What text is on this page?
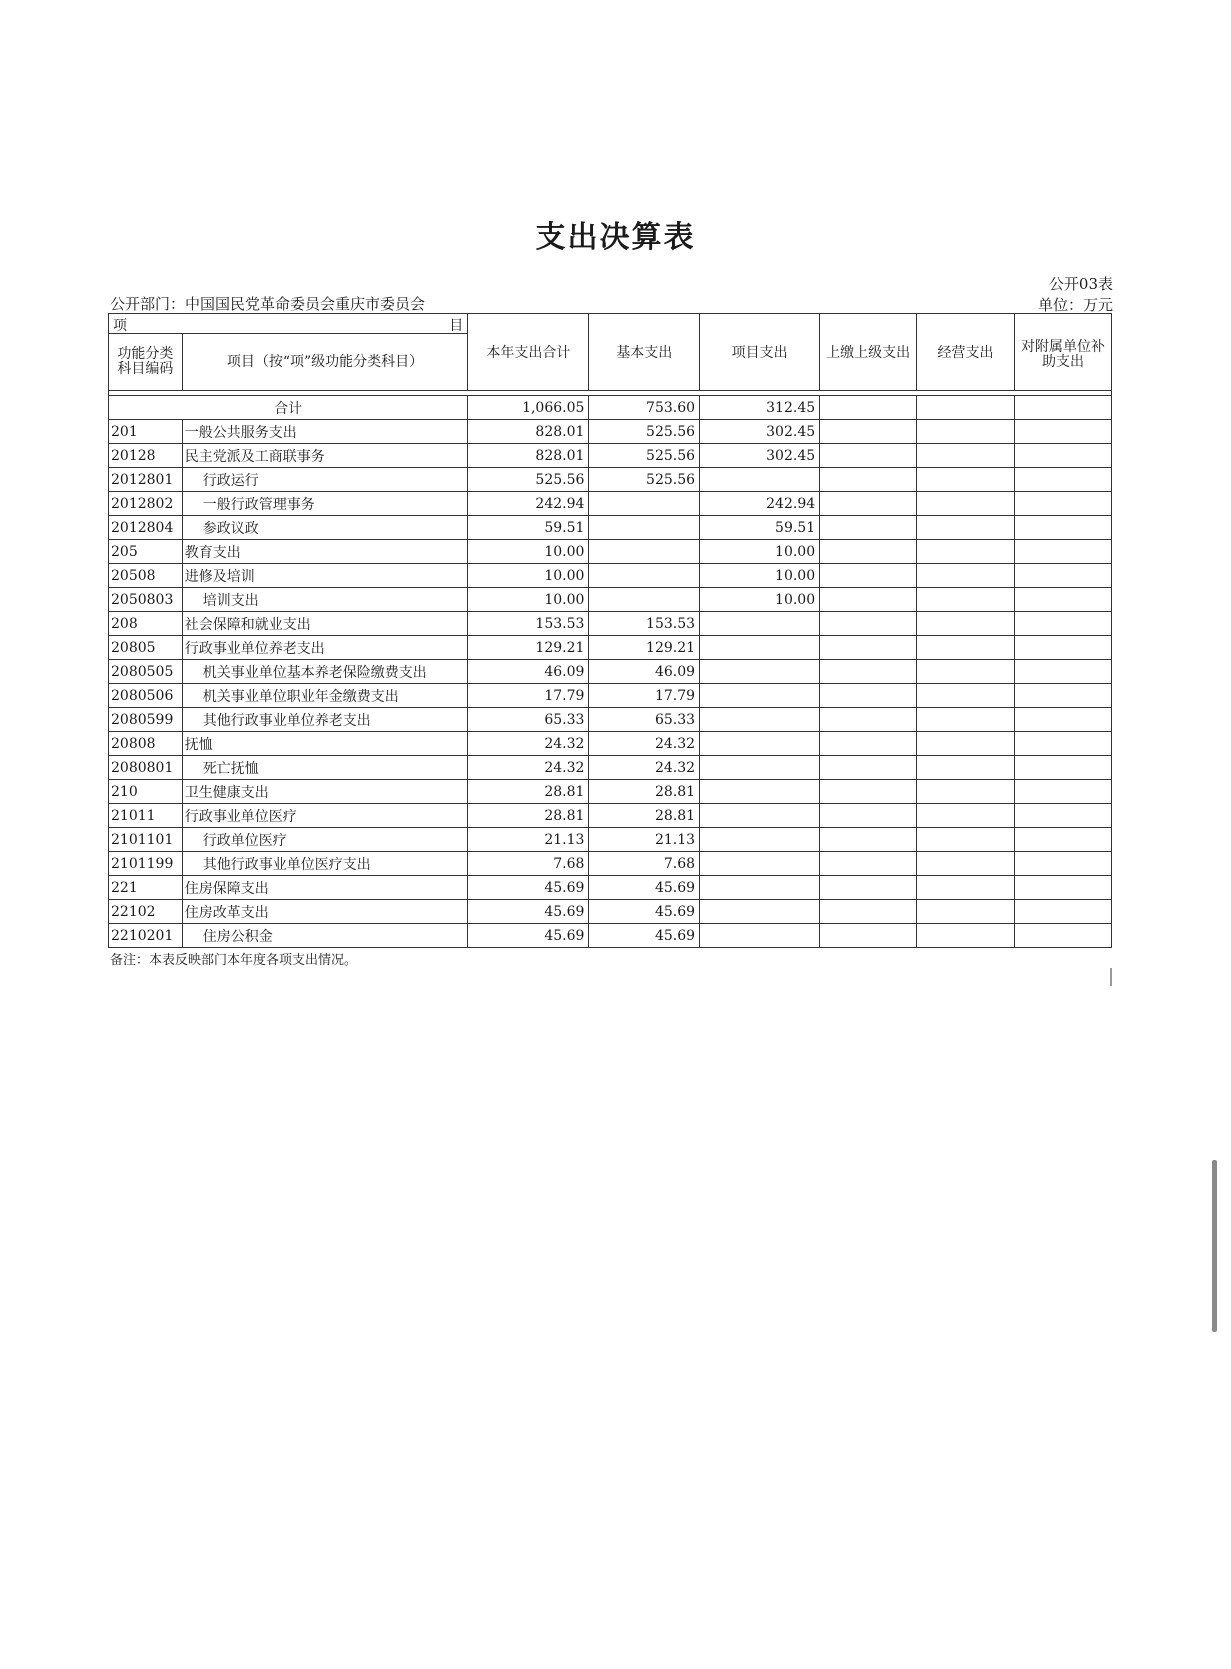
支出决算表
公开03表
公开部门：中国国民党革命委员会重庆市委员会	单位：万元
项 目		本年支出合计	基本支出	项目支出	上缴上级支出	经营支出	对附属单位补助支出
功能分类科目编码	项目（按“项”级功能分类科目）						

合计		1,066.05	753.60	312.45			
201	一般公共服务支出	828.01	525.56	302.45			
20128	民主党派及工商联事务	828.01	525.56	302.45			
2012801	行政运行	525.56	525.56				
2012802	一般行政管理事务	242.94		242.94			
2012804	参政议政	59.51		59.51			
205	教育支出	10.00		10.00			
20508	进修及培训	10.00		10.00			
2050803	培训支出	10.00		10.00			
208	社会保障和就业支出	153.53	153.53				
20805	行政事业单位养老支出	129.21	129.21				
2080505	机关事业单位基本养老保险缴费支出	46.09	46.09				
2080506	机关事业单位职业年金缴费支出	17.79	17.79				
2080599	其他行政事业单位养老支出	65.33	65.33				
20808	抚恤	24.32	24.32				
2080801	死亡抚恤	24.32	24.32				
210	卫生健康支出	28.81	28.81				
21011	行政事业单位医疗	28.81	28.81				
2101101	行政单位医疗	21.13	21.13				
2101199	其他行政事业单位医疗支出	7.68	7.68				
221	住房保障支出	45.69	45.69				
22102	住房改革支出	45.69	45.69				
2210201	住房公积金	45.69	45.69				
备注：本表反映部门本年度各项支出情况。
